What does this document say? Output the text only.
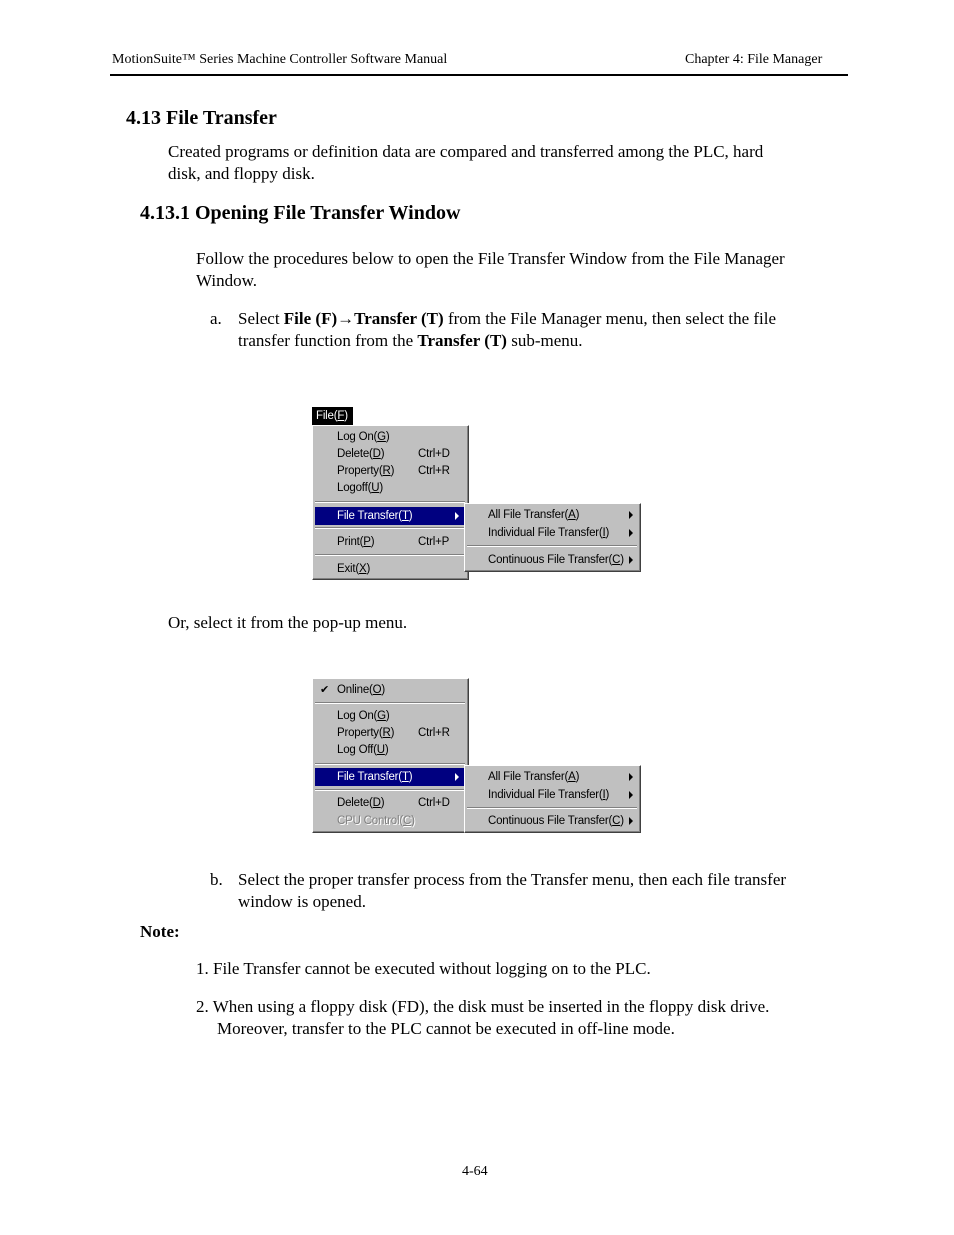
MotionSuite™ Series Machine Controller Software Manual	Chapter 4: File Manager
4.13 File Transfer
Created programs or definition data are compared and transferred among the PLC, hard
disk, and floppy disk.
4.13.1 Opening File Transfer Window
Follow the procedures below to open the File Transfer Window from the File Manager
Window.
a. Select File (F)→Transfer (T) from the File Manager menu, then select the file
transfer function from the Transfer (T) sub-menu.
File(F)
Log On(G)
Delete(D)	Ctrl+D
Property(R) Ctrl+R
Logoff(U)
File Transfer(T)
Print(P)	Ctrl+P
Exit(X)
All File Transfer(A)
Individual File Transfer(I)
Continuous File Transfer(C)
Or, select it from the pop-up menu.
✔ Online(O)
Log On(G)
Property(R) Ctrl+R
Log Off(U)
File Transfer(T)
Delete(D)	Ctrl+D
CPU Control(C)
All File Transfer(A)
Individual File Transfer(I)
Continuous File Transfer(C)
b. Select the proper transfer process from the Transfer menu, then each file transfer
window is opened.
Note:
1. File Transfer cannot be executed without logging on to the PLC.
2. When using a floppy disk (FD), the disk must be inserted in the floppy disk drive.
Moreover, transfer to the PLC cannot be executed in off-line mode.
4-64
